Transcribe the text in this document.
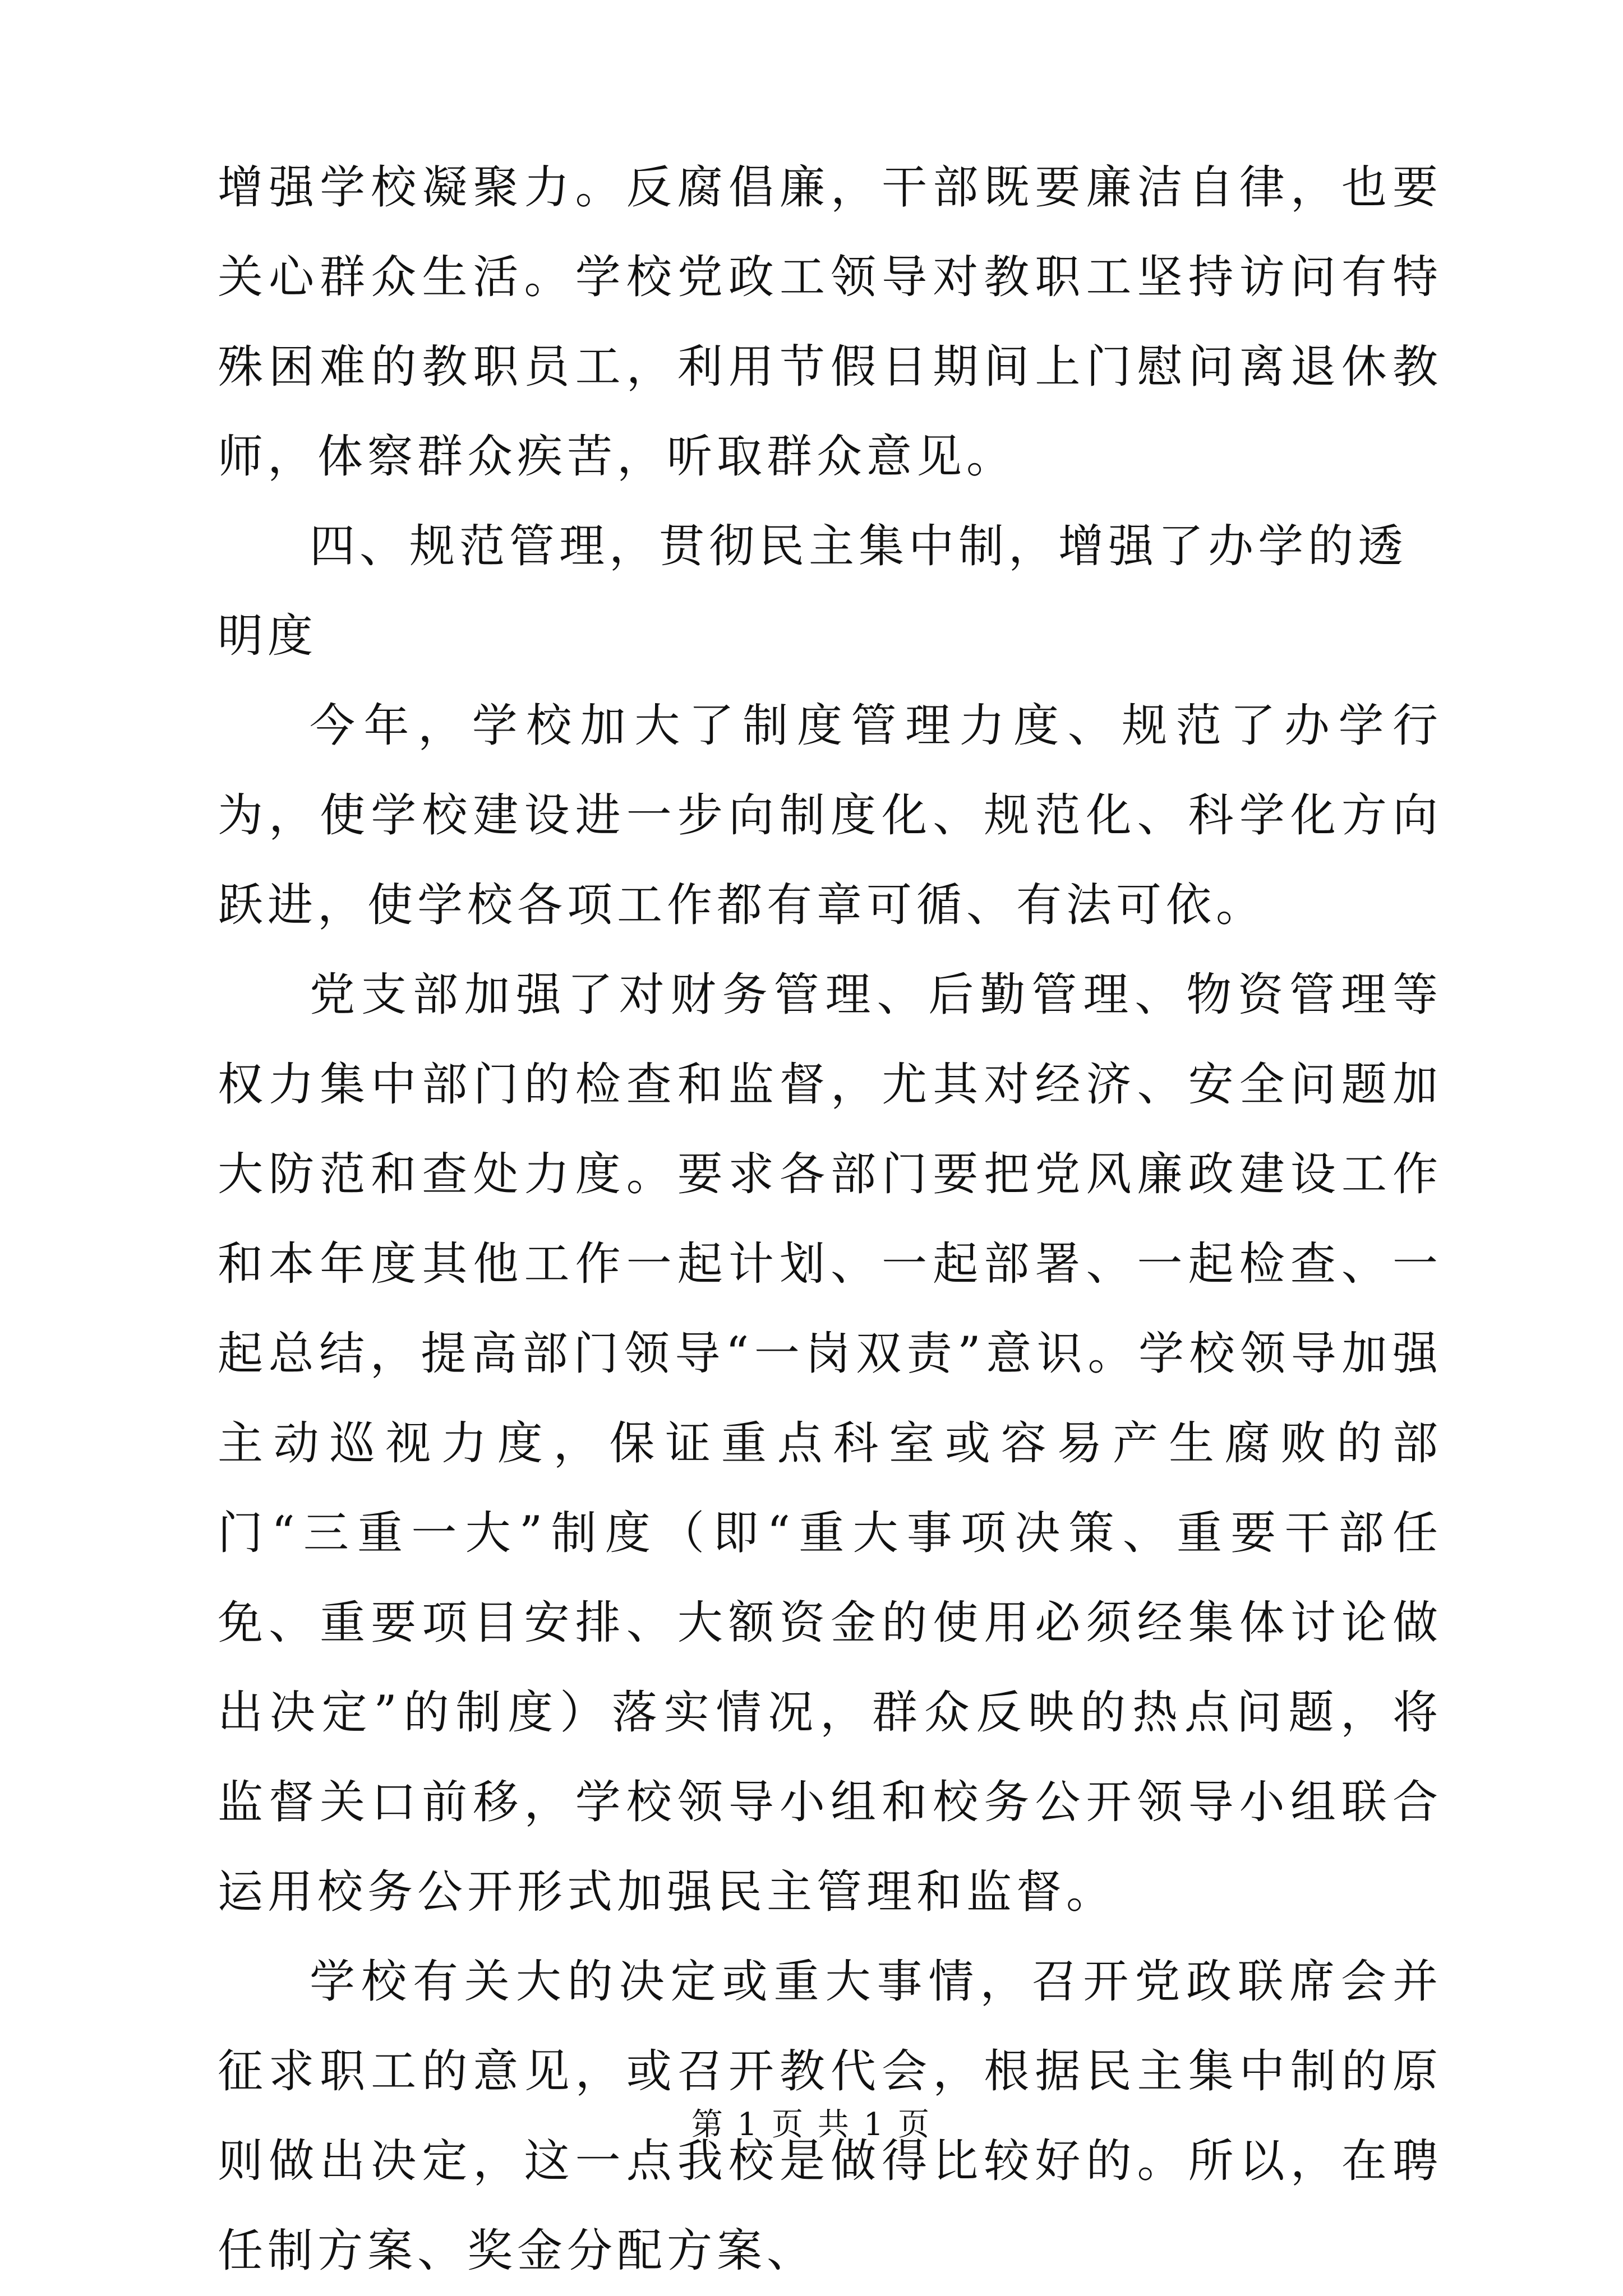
增强学校凝聚力。反腐倡廉，干部既要廉洁自律，也要关心群众生活。学校党政工领导对教职工坚持访问有特殊困难的教职员工，利用节假日期间上门慰问离退休教师，体察群众疾苦，听取群众意见。

四、规范管理，贯彻民主集中制，增强了办学的透明度

今年，学校加大了制度管理力度、规范了办学行为，使学校建设进一步向制度化、规范化、科学化方向跃进，使学校各项工作都有章可循、有法可依。

党支部加强了对财务管理、后勤管理、物资管理等权力集中部门的检查和监督，尤其对经济、安全问题加大防范和查处力度。要求各部门要把党风廉政建设工作和本年度其他工作一起计划、一起部署、一起检查、一起总结，提高部门领导“一岗双责”意识。学校领导加强主动巡视力度，保证重点科室或容易产生腐败的部门“三重一大”制度（即“重大事项决策、重要干部任免、重要项目安排、大额资金的使用必须经集体讨论做出决定”的制度）落实情况，群众反映的热点问题，将监督关口前移，学校领导小组和校务公开领导小组联合运用校务公开形式加强民主管理和监督。

学校有关大的决定或重大事情，召开党政联席会并征求职工的意见，或召开教代会，根据民主集中制的原则做出决定，这一点我校是做得比较好的。所以，在聘任制方案、奖金分配方案、

第 1 页 共 1 页
